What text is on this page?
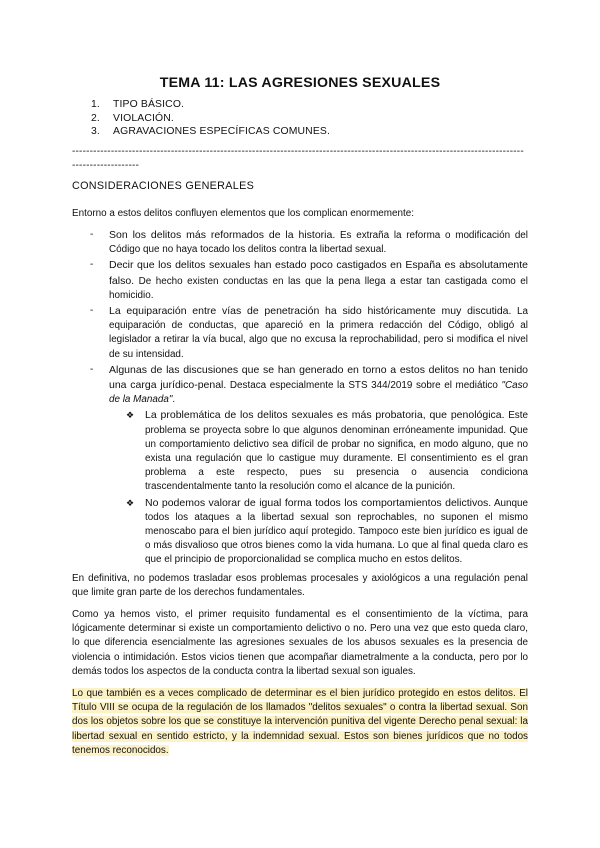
TEMA 11: LAS AGRESIONES SEXUALES
1. TIPO BÁSICO.
2. VIOLACIÓN.
3. AGRAVACIONES ESPECÍFICAS COMUNES.
---------------------------------------------------------------------------------------------------------------------------------------------------
CONSIDERACIONES GENERALES

Entorno a estos delitos confluyen elementos que los complican enormemente:

- Son los delitos más reformados de la historia. Es extraña la reforma o modificación del Código que no haya tocado los delitos contra la libertad sexual.

- Decir que los delitos sexuales han estado poco castigados en España es absolutamente falso. De hecho existen conductas en las que la pena llega a estar tan castigada como el homicidio.

- La equiparación entre vías de penetración ha sido históricamente muy discutida. La equiparación de conductas, que apareció en la primera redacción del Código, obligó al legislador a retirar la vía bucal, algo que no excusa la reprochabilidad, pero si modifica el nivel de su intensidad.

- Algunas de las discusiones que se han generado en torno a estos delitos no han tenido una carga jurídico-penal. Destaca especialmente la STS 344/2019 sobre el mediático "Caso de la Manada".

❖ La problemática de los delitos sexuales es más probatoria, que penológica. Este problema se proyecta sobre lo que algunos denominan erróneamente impunidad. Que un comportamiento delictivo sea difícil de probar no significa, en modo alguno, que no exista una regulación que lo castigue muy duramente. El consentimiento es el gran problema a este respecto, pues su presencia o ausencia condiciona trascendentalmente tanto la resolución como el alcance de la punición.

❖ No podemos valorar de igual forma todos los comportamientos delictivos. Aunque todos los ataques a la libertad sexual son reprochables, no suponen el mismo menoscabo para el bien jurídico aquí protegido. Tampoco este bien jurídico es igual de o más disvalioso que otros bienes como la vida humana. Lo que al final queda claro es que el principio de proporcionalidad se complica mucho en estos delitos.

En definitiva, no podemos trasladar esos problemas procesales y axiológicos a una regulación penal que limite gran parte de los derechos fundamentales.

Como ya hemos visto, el primer requisito fundamental es el consentimiento de la víctima, para lógicamente determinar si existe un comportamiento delictivo o no. Pero una vez que esto queda claro, lo que diferencia esencialmente las agresiones sexuales de los abusos sexuales es la presencia de violencia o intimidación. Estos vicios tienen que acompañar diametralmente a la conducta, pero por lo demás todos los aspectos de la conducta contra la libertad sexual son iguales.

Lo que también es a veces complicado de determinar es el bien jurídico protegido en estos delitos. El Título VIII se ocupa de la regulación de los llamados "delitos sexuales" o contra la libertad sexual. Son dos los objetos sobre los que se constituye la intervención punitiva del vigente Derecho penal sexual: la libertad sexual en sentido estricto, y la indemnidad sexual. Estos son bienes jurídicos que no todos tenemos reconocidos.
